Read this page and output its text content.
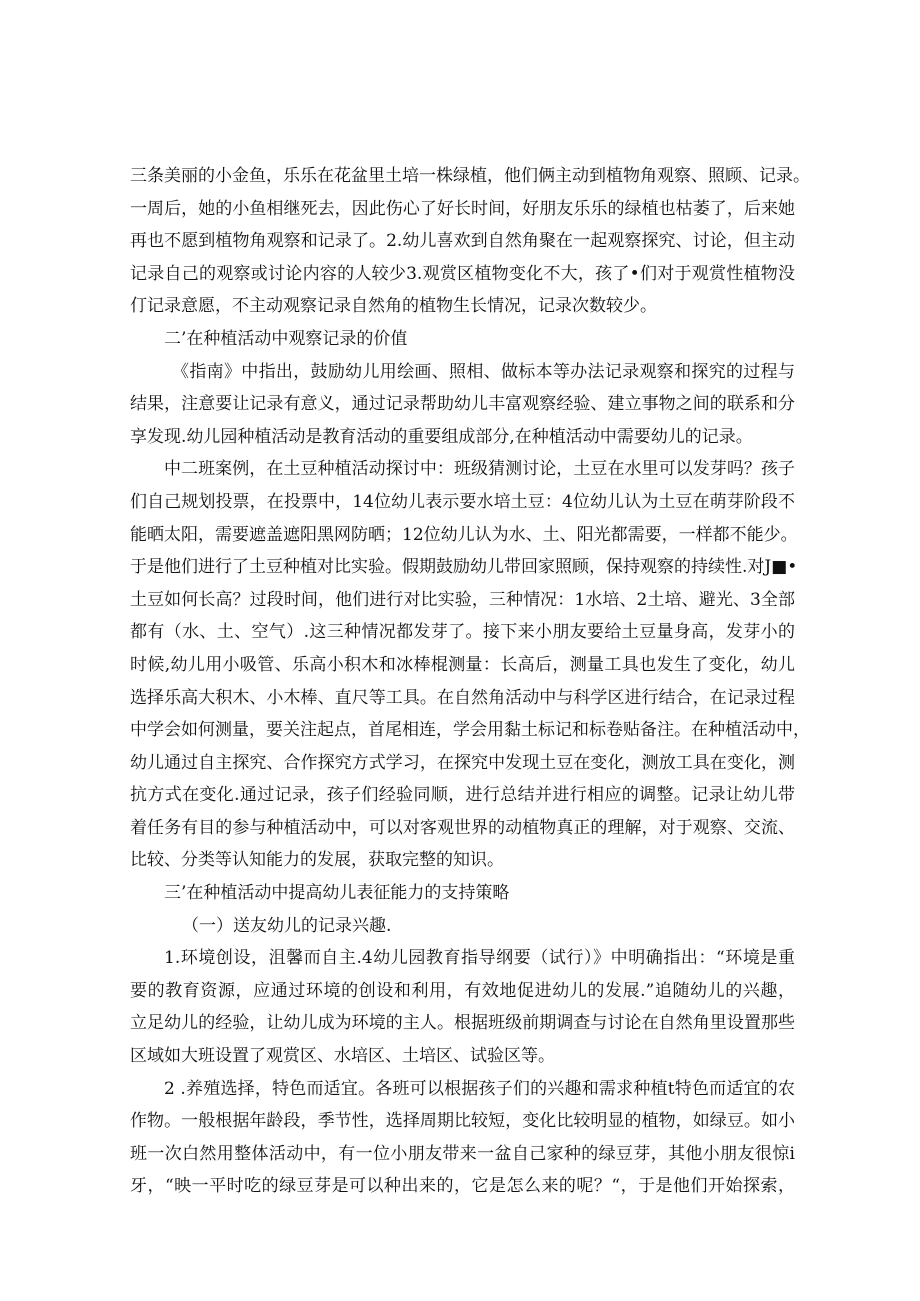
三条美丽的小金鱼，乐乐在花盆里土培一株绿植，他们俩主动到植物角观察、照顾、记录。
一周后，她的小鱼相继死去，因此伤心了好长时间，好朋友乐乐的绿植也枯萎了，后来她
再也不愿到植物角观察和记录了。2.幼儿喜欢到自然角聚在一起观察探究、讨论，但主动
记录自己的观察或讨论内容的人较少3.观赏区植物变化不大，孩了•们对于观赏性植物没
仃记录意愿，不主动观察记录自然角的植物生长情况，记录次数较少。
二’在种植活动中观察记录的价值
《指南》中指出，鼓励幼儿用绘画、照相、做标本等办法记录观察和探究的过程与
结果，注意要让记录有意义，通过记录帮助幼儿丰富观察经验、建立事物之间的联系和分
享发现.幼儿园种植活动是教育活动的重要组成部分,在种植活动中需要幼儿的记录。
中二班案例，在土豆种植活动探讨中：班级猜测讨论，土豆在水里可以发芽吗？孩子
们自己规划投票，在投票中，14位幼儿表示要水培土豆：4位幼儿认为土豆在萌芽阶段不
能晒太阳，需要遮盖遮阳黑网防晒；12位幼儿认为水、土、阳光都需要，一样都不能少。
于是他们进行了土豆种植对比实验。假期鼓励幼儿带回家照顾，保持观察的持续性.对J■•
土豆如何长高？过段时间，他们进行对比实验，三种情况：1水培、2土培、避光、3全部
都有（水、土、空气）.这三种情况都发芽了。接下来小朋友要给土豆量身高，发芽小的
时候,幼儿用小吸管、乐高小积木和冰棒棍测量：长高后，测量工具也发生了变化，幼儿
选择乐高大积木、小木棒、直尺等工具。在自然角活动中与科学区进行结合，在记录过程
中学会如何测量，要关注起点，首尾相连，学会用黏土标记和标卷贴备注。在种植活动中，
幼儿通过自主探究、合作探究方式学习，在探究中发现土豆在变化，测放工具在变化，测
抗方式在变化.通过记录，孩子们经验同顺，进行总结并进行相应的调整。记录让幼儿带
着任务有目的参与种植活动中，可以对客观世界的动植物真正的理解，对于观察、交流、
比较、分类等认知能力的发展，获取完整的知识。
三’在种植活动中提高幼儿表征能力的支持策略
（一）送友幼儿的记录兴趣.
1.环境创设，沮馨而自主.4幼儿园教育指导纲要（试行）》中明确指出：“环境是重
要的教育资源，应通过环境的创设和利用，有效地促进幼儿的发展.”追随幼儿的兴趣，
立足幼儿的经验，让幼儿成为环境的主人。根据班级前期调查与讨论在自然角里设置那些
区域如大班设置了观赏区、水培区、土培区、试验区等。
2 .养殖选择，特色而适宜。各班可以根据孩子们的兴趣和需求种植t特色而适宜的农
作物。一般根据年龄段，季节性，选择周期比较短，变化比较明显的植物，如绿豆。如小
班一次白然用整体活动中，有一位小朋友带来一盆自己家种的绿豆芽，其他小朋友很惊i
牙，“映一平时吃的绿豆芽是可以种出来的，它是怎么来的呢？“，于是他们开始探索，
